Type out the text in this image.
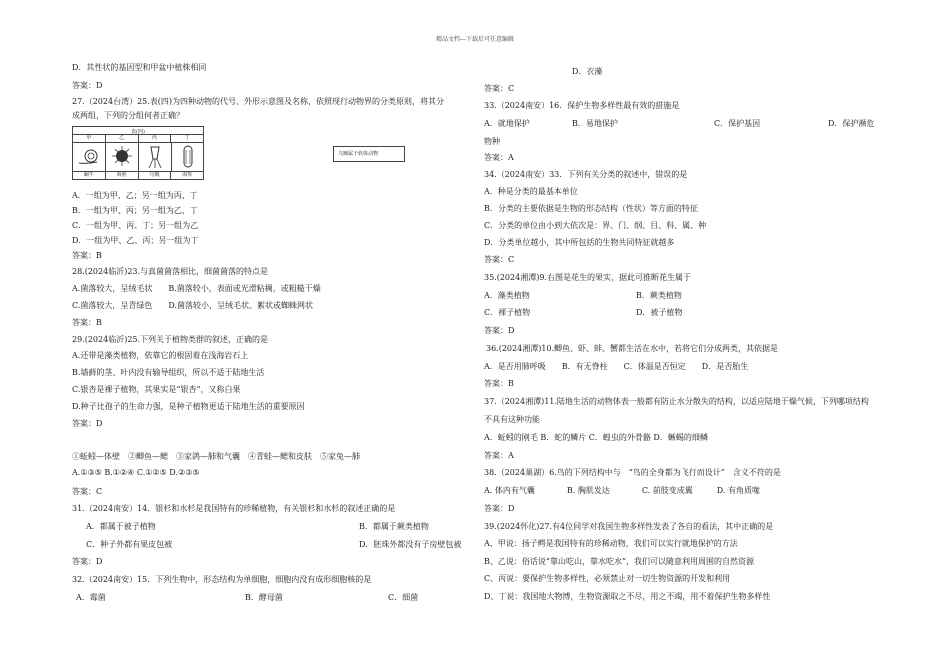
精品文档---下载后可任意编辑
D．其性状的基因型和甲盆中植株相同
答案：D
27.（2024台湾）25.表(四)为四种动物的代号、外形示意图及名称，依照现行动物界的分类原则，将其分
成两组，下列的分组何者正确？
表(四)
甲	乙	丙	丁
蜗牛	海胆	乌贼	海参
乌贼属于软体动物
A．一组为甲、乙；另一组为丙、丁
B．一组为甲、丙；另一组为乙、丁
C．一组为甲、丙、丁；另一组为乙
D．一组为甲、乙、丙；另一组为丁
答案：B
28.(2024临沂)23.与真菌菌落相比，细菌菌落的特点是
A.菌落较大，呈绒毛状　　B.菌落较小，表面或光滑粘稠，或粗糙干燥
C.菌落较大，呈青绿色　　D.菌落较小，呈绒毛状、絮状或蜘蛛网状
答案：B
29.(2024临沂)25.下列关于植物类群的叙述，正确的是
A.还带是藻类植物，依靠它的根固着在浅海岩石上
B.墙藓的茎、叶内没有输导组织，所以不适于陆地生活
C.银杏是裸子植物，其果实是“银杏”，又称白果
D.种子比孢子的生命力强，是种子植物更适于陆地生活的重要原因
答案：D
①蚯蚓—体壁　②鲫鱼—鳃　③家鸽—肺和气囊　④青蛙—鳃和皮肤　⑤家兔—肺
A.①③⑤ B.①②④ C.①②⑤ D.②③⑤
答案：C
31.（2024南安）14．银杉和水杉是我国特有的珍稀植物，有关银杉和水杉的叙述正确的是
A．都属于被子植物	B．都属于蕨类植物
C．种子外都有果皮包被	D．胚珠外都没有子房壁包被
答案：D
32.（2024南安）15．下列生物中，形态结构为单细胞，细胞内没有成形细胞核的是
A．霉菌	B．酵母菌	C．细菌
D．衣藻
答案：C
33.（2024南安）16．保护生物多样性最有效的措施是
A．就地保护	B．易地保护	C．保护基因	D．保护濒危
物种
答案：A
34.（2024南安）33．下列有关分类的叙述中，错误的是
A．种是分类的最基本单位
B．分类的主要依据是生物的形态结构（性状）等方面的特征
C．分类的单位由小到大依次是：界、门、纲、目、科、属、种
D．分类单位越小，其中所包括的生物共同特征就越多
答案：C
35.(2024湘潭)9.右图是花生的果实，据此可推断花生属于
A．藻类植物	B．蕨类植物
C．裸子植物	D．被子植物
答案：D
36.(2024湘潭)10.鲫鱼、虾、蚌、蟹都生活在水中，若将它们分成两类，其依据是
A．是否用肺呼吸　　B．有无脊柱　　C．体温是否恒定　　D．是否胎生
答案：B
37.（2024湘潭)11.陆地生活的动物体表一般都有防止水分散失的结构，以适应陆地干燥气候，下列哪项结构
不具有这种功能
A．蚯蚓的刚毛 B．蛇的鳞片 C．蝗虫的外骨骼 D．蜥蜴的细鳞
答案：A
38.（2024巢湖）6.鸟的下列结构中与　“鸟的全身都为飞行而设计”　含义不符的是
A. 体内有气囊　　　　B. 胸肌发达　　　　C. 前肢变成翼　　　D. 有角质喙
答案：D
39.(2024怀化)27.有4位同学对我国生物多样性发表了各自的看法，其中正确的是
A、甲说：扬子鳄是我国特有的珍稀动物，我们可以实行就地保护的方法
B、乙说：俗话说“靠山吃山，靠水吃水”，我们可以随意利用周围的自然资源
C、丙说：要保护生物多样性，必须禁止对一切生物资源的开发和利用
D、丁说：我国地大物博，生物资源取之不尽，用之不竭，用不着保护生物多样性
